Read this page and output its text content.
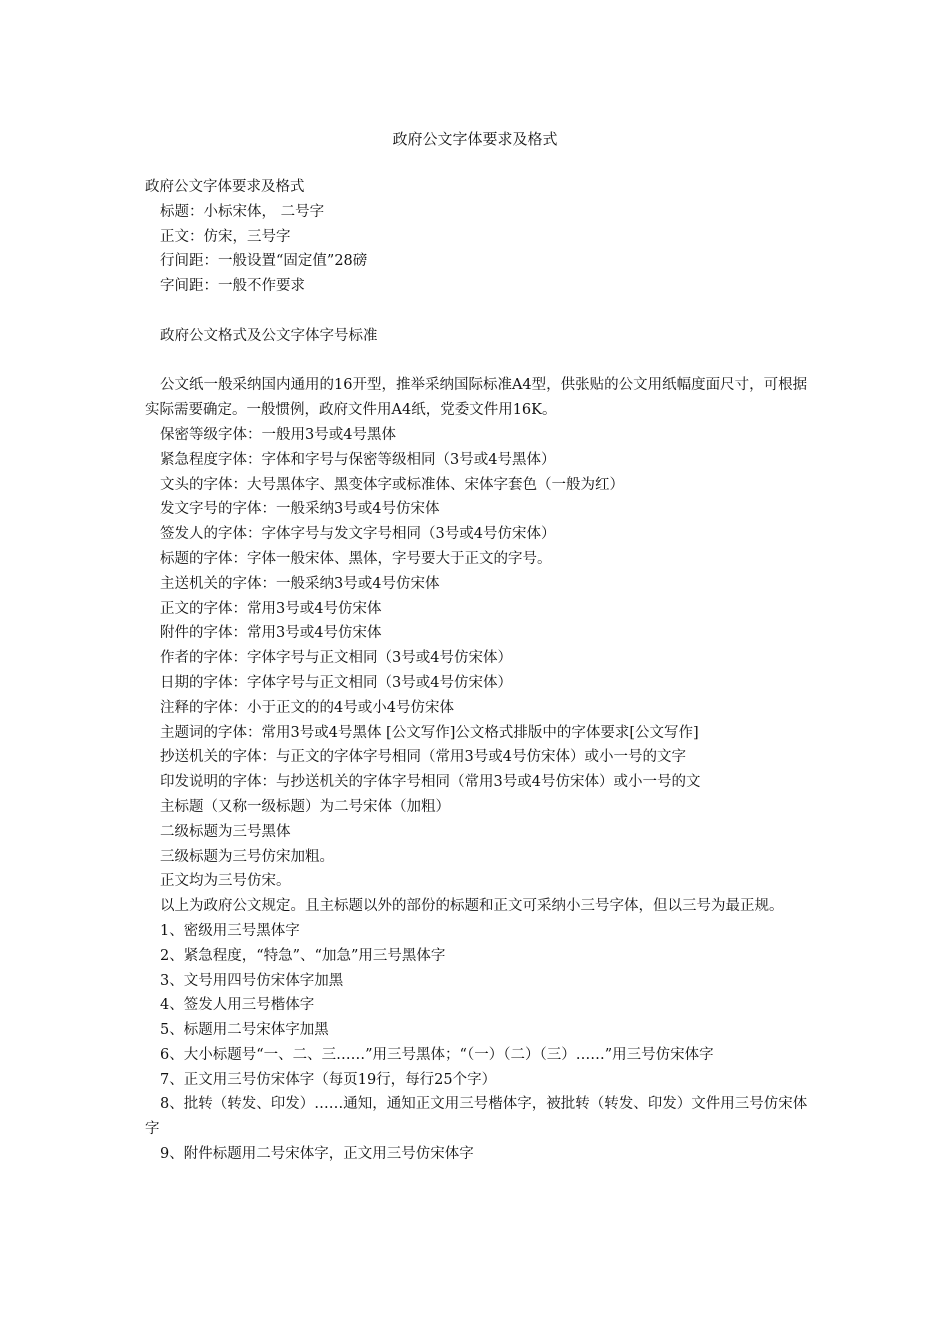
政府公文字体要求及格式

政府公文字体要求及格式

标题：小标宋体， 二号字

正文：仿宋，三号字

行间距：一般设置“固定值”28磅

字间距：一般不作要求

政府公文格式及公文字体字号标准

公文纸一般采纳国内通用的16开型，推举采纳国际标准A4型，供张贴的公文用纸幅度面尺寸，可根据实际需要确定。一般惯例，政府文件用A4纸，党委文件用16K。

保密等级字体：一般用3号或4号黑体

紧急程度字体：字体和字号与保密等级相同（3号或4号黑体）

文头的字体：大号黑体字、黑变体字或标准体、宋体字套色（一般为红）

发文字号的字体：一般采纳3号或4号仿宋体

签发人的字体：字体字号与发文字号相同（3号或4号仿宋体）

标题的字体：字体一般宋体、黑体，字号要大于正文的字号。

主送机关的字体：一般采纳3号或4号仿宋体

正文的字体：常用3号或4号仿宋体

附件的字体：常用3号或4号仿宋体

作者的字体：字体字号与正文相同（3号或4号仿宋体）

日期的字体：字体字号与正文相同（3号或4号仿宋体）

注释的字体：小于正文的的4号或小4号仿宋体

主题词的字体：常用3号或4号黑体 [公文写作]公文格式排版中的字体要求[公文写作]

抄送机关的字体：与正文的字体字号相同（常用3号或4号仿宋体）或小一号的文字

印发说明的字体：与抄送机关的字体字号相同（常用3号或4号仿宋体）或小一号的文

主标题（又称一级标题）为二号宋体（加粗）

二级标题为三号黑体

三级标题为三号仿宋加粗。

正文均为三号仿宋。

以上为政府公文规定。且主标题以外的部份的标题和正文可采纳小三号字体，但以三号为最正规。

1、密级用三号黑体字

2、紧急程度，“特急”、“加急”用三号黑体字

3、文号用四号仿宋体字加黑

4、签发人用三号楷体字

5、标题用二号宋体字加黑

6、大小标题号“一、二、三……”用三号黑体；“（一）（二）（三）……”用三号仿宋体字

7、正文用三号仿宋体字（每页19行，每行25个字）

8、批转（转发、印发）……通知，通知正文用三号楷体字，被批转（转发、印发）文件用三号仿宋体字

9、附件标题用二号宋体字，正文用三号仿宋体字
